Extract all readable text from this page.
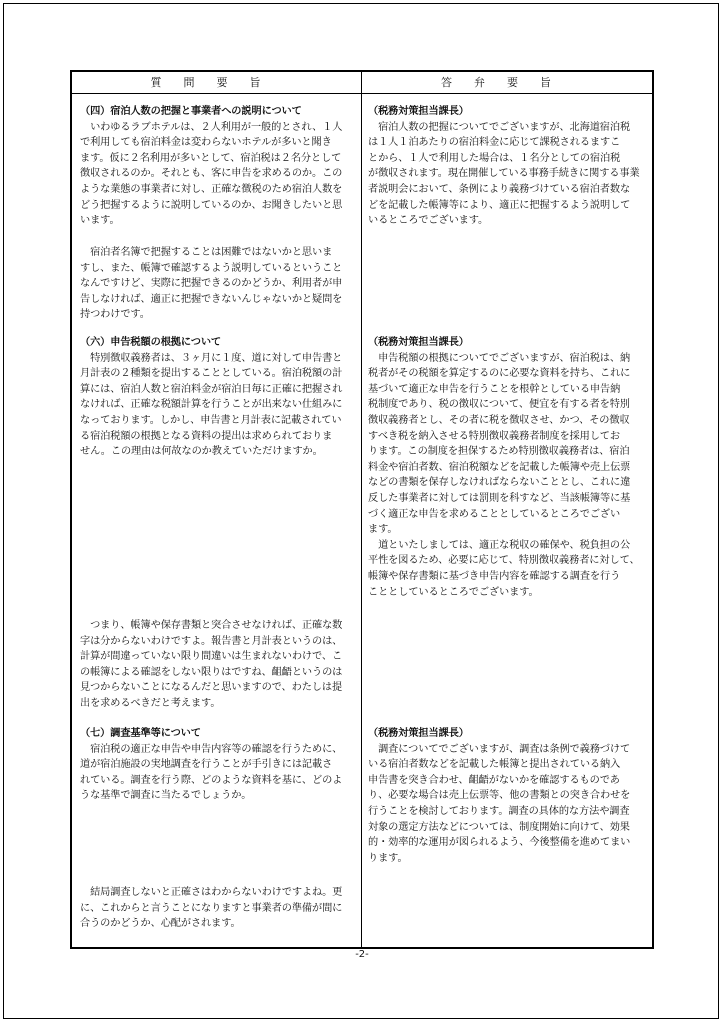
質問要旨	答弁要旨
（四）宿泊人数の把握と事業者への説明について
　いわゆるラブホテルは、２人利用が一般的とされ、１人
で利用しても宿泊料金は変わらないホテルが多いと聞き
ます。仮に２名利用が多いとして、宿泊税は２名分として
徴収されるのか。それとも、客に申告を求めるのか。この
ような業態の事業者に対し、正確な徴税のため宿泊人数を
どう把握するように説明しているのか、お聞きしたいと思
います。
（税務対策担当課長）
　宿泊人数の把握についてでございますが、北海道宿泊税
は１人１泊あたりの宿泊料金に応じて課税されるますこ
とから、１人で利用した場合は、１名分としての宿泊税
が徴収されます。現在開催している事務手続きに関する事業
者説明会において、条例により義務づけている宿泊者数な
どを記載した帳簿等により、適正に把握するよう説明して
いるところでございます。
　宿泊者名簿で把握することは困難ではないかと思いま
すし、また、帳簿で確認するよう説明しているということ
なんですけど、実際に把握できるのかどうか、利用者が申
告しなければ、適正に把握できないんじゃないかと疑問を
持つわけです。
（六）申告税額の根拠について
　特別徴収義務者は、３ヶ月に１度、道に対して申告書と
月計表の２種類を提出することとしている。宿泊税額の計
算には、宿泊人数と宿泊料金が宿泊日毎に正確に把握され
なければ、正確な税額計算を行うことが出来ない仕組みに
なっております。しかし、申告書と月計表に記載されてい
る宿泊税額の根拠となる資料の提出は求められておりま
せん。この理由は何故なのか教えていただけますか。
（税務対策担当課長）
　申告税額の根拠についてでございますが、宿泊税は、納
税者がその税額を算定するのに必要な資料を持ち、これに
基づいて適正な申告を行うことを根幹としている申告納
税制度であり、税の徴収について、便宜を有する者を特別
徴収義務者とし、その者に税を徴収させ、かつ、その徴収
すべき税を納入させる特別徴収義務者制度を採用してお
ります。この制度を担保するため特別徴収義務者は、宿泊
料金や宿泊者数、宿泊税額などを記載した帳簿や売上伝票
などの書類を保存しなければならないこととし、これに違
反した事業者に対しては罰則を科すなど、当該帳簿等に基
づく適正な申告を求めることとしているところでござい
ます。
　道といたしましては、適正な税収の確保や、税負担の公
平性を図るため、必要に応じて、特別徴収義務者に対して、
帳簿や保存書類に基づき申告内容を確認する調査を行う
こととしているところでございます。
　つまり、帳簿や保存書類と突合させなければ、正確な数
字は分からないわけですよ。報告書と月計表というのは、
計算が間違っていない限り間違いは生まれないわけで、こ
の帳簿による確認をしない限りはですね、齟齬というのは
見つからないことになるんだと思いますので、わたしは提
出を求めるべきだと考えます。
（七）調査基準等について
　宿泊税の適正な申告や申告内容等の確認を行うために、
道が宿泊施設の実地調査を行うことが手引きには記載さ
れている。調査を行う際、どのような資料を基に、どのよ
うな基準で調査に当たるでしょうか。
（税務対策担当課長）
　調査についてでございますが、調査は条例で義務づけて
いる宿泊者数などを記載した帳簿と提出されている納入
申告書を突き合わせ、齟齬がないかを確認するものであ
り、必要な場合は売上伝票等、他の書類との突き合わせを
行うことを検討しております。調査の具体的な方法や調査
対象の選定方法などについては、制度開始に向けて、効果
的・効率的な運用が図られるよう、今後整備を進めてまい
ります。
　結局調査しないと正確さはわからないわけですよね。更
に、これからと言うことになりますと事業者の準備が間に
合うのかどうか、心配がされます。
-2-
